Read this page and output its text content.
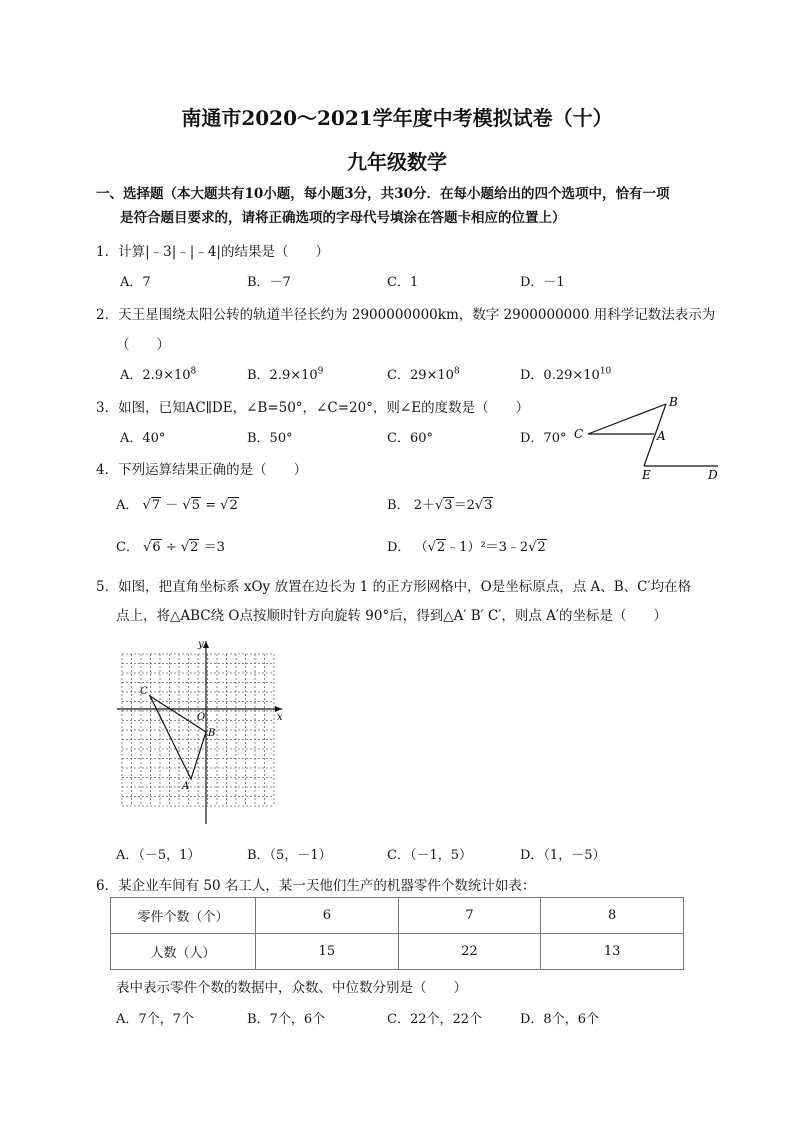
南通市2020～2021学年度中考模拟试卷（十）
九年级数学
一、选择题（本大题共有10小题，每小题3分，共30分．在每小题给出的四个选项中，恰有一项
是符合题目要求的，请将正确选项的字母代号填涂在答题卡相应的位置上）
1．计算|﹣3|﹣|﹣4|的结果是（　　）
A．7	B．－7	C．1	D．－1
2．天王星围绕太阳公转的轨道半径长约为 2900000000km，数字 2900000000 用科学记数法表示为
（　　）
A．$2.9\times 10^8$	B．$2.9\times 10^9$	C．$29\times 10^8$	D．$0.29\times 10^{10}$
3．如图，已知AC∥DE，∠B=50°，∠C=20°，则∠E的度数是（　　）
A．40°	B．50°	C．60°	D．70°
B
C	A
E	D
4．下列运算结果正确的是（　　）
A． √7 － √5 = √2	B． 2＋√3＝2√3
C． √6 ÷ √2 ＝3	D． （√2﹣1）²＝3﹣2√2
5．如图，把直角坐标系 xOy 放置在边长为 1 的正方形网格中，O是坐标原点，点 A、B、C′均在格
点上，将△ABC绕 O点按顺时针方向旋转 90°后，得到△A′ B′ C′，则点 A′的坐标是（　　）
y
x
O
B
C
A
A．（－5，1）	B．（5，－1）	C．（－1，5）	D．（1，－5）
6．某企业车间有 50 名工人，某一天他们生产的机器零件个数统计如表：
零件个数（个）	6	7	8
人数（人）	15	22	13
表中表示零件个数的数据中，众数、中位数分别是（　　）
A．7个，7个	B．7个，6个	C．22个，22个	D．8个，6个
